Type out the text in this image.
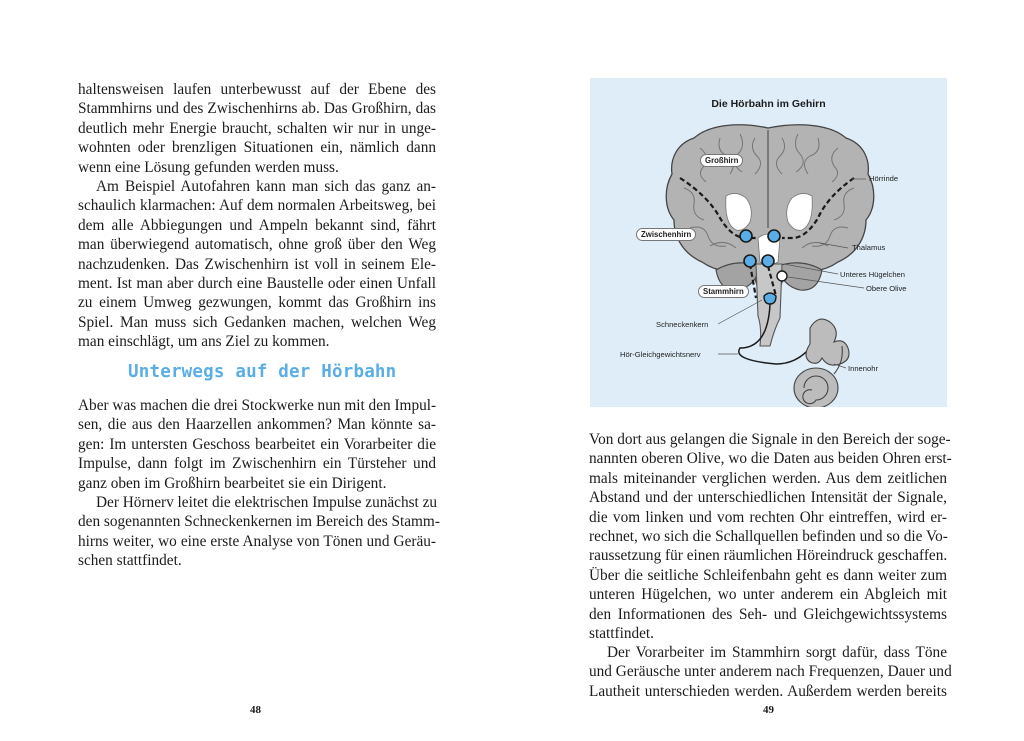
haltensweisen laufen unterbewusst auf der Ebene des
Stammhirns und des Zwischenhirns ab. Das Großhirn, das
deutlich mehr Energie braucht, schalten wir nur in unge-
wohnten oder brenzligen Situationen ein, nämlich dann
wenn eine Lösung gefunden werden muss.
Am Beispiel Autofahren kann man sich das ganz an-
schaulich klarmachen: Auf dem normalen Arbeitsweg, bei
dem alle Abbiegungen und Ampeln bekannt sind, fährt
man überwiegend automatisch, ohne groß über den Weg
nachzudenken. Das Zwischenhirn ist voll in seinem Ele-
ment. Ist man aber durch eine Baustelle oder einen Unfall
zu einem Umweg gezwungen, kommt das Großhirn ins
Spiel. Man muss sich Gedanken machen, welchen Weg
man einschlägt, um ans Ziel zu kommen.
Unterwegs auf der Hörbahn
Aber was machen die drei Stockwerke nun mit den Impul-
sen, die aus den Haarzellen ankommen? Man könnte sa-
gen: Im untersten Geschoss bearbeitet ein Vorarbeiter die
Impulse, dann folgt im Zwischenhirn ein Türsteher und
ganz oben im Großhirn bearbeitet sie ein Dirigent.
Der Hörnerv leitet die elektrischen Impulse zunächst zu
den sogenannten Schneckenkernen im Bereich des Stamm-
hirns weiter, wo eine erste Analyse von Tönen und Geräu-
schen stattfindet.
48
Die Hörbahn im Gehirn
Großhirn
Zwischenhirn
Stammhirn
Hörrinde
Thalamus
Unteres Hügelchen
Obere Olive
Schneckenkern
Hör-Gleichgewichtsnerv
Innenohr
Von dort aus gelangen die Signale in den Bereich der soge-
nannten oberen Olive, wo die Daten aus beiden Ohren erst-
mals miteinander verglichen werden. Aus dem zeitlichen
Abstand und der unterschiedlichen Intensität der Signale,
die vom linken und vom rechten Ohr eintreffen, wird er-
rechnet, wo sich die Schallquellen befinden und so die Vo-
raussetzung für einen räumlichen Höreindruck geschaffen.
Über die seitliche Schleifenbahn geht es dann weiter zum
unteren Hügelchen, wo unter anderem ein Abgleich mit
den Informationen des Seh- und Gleichgewichtssystems
stattfindet.
Der Vorarbeiter im Stammhirn sorgt dafür, dass Töne
und Geräusche unter anderem nach Frequenzen, Dauer und
Lautheit unterschieden werden. Außerdem werden bereits
49
